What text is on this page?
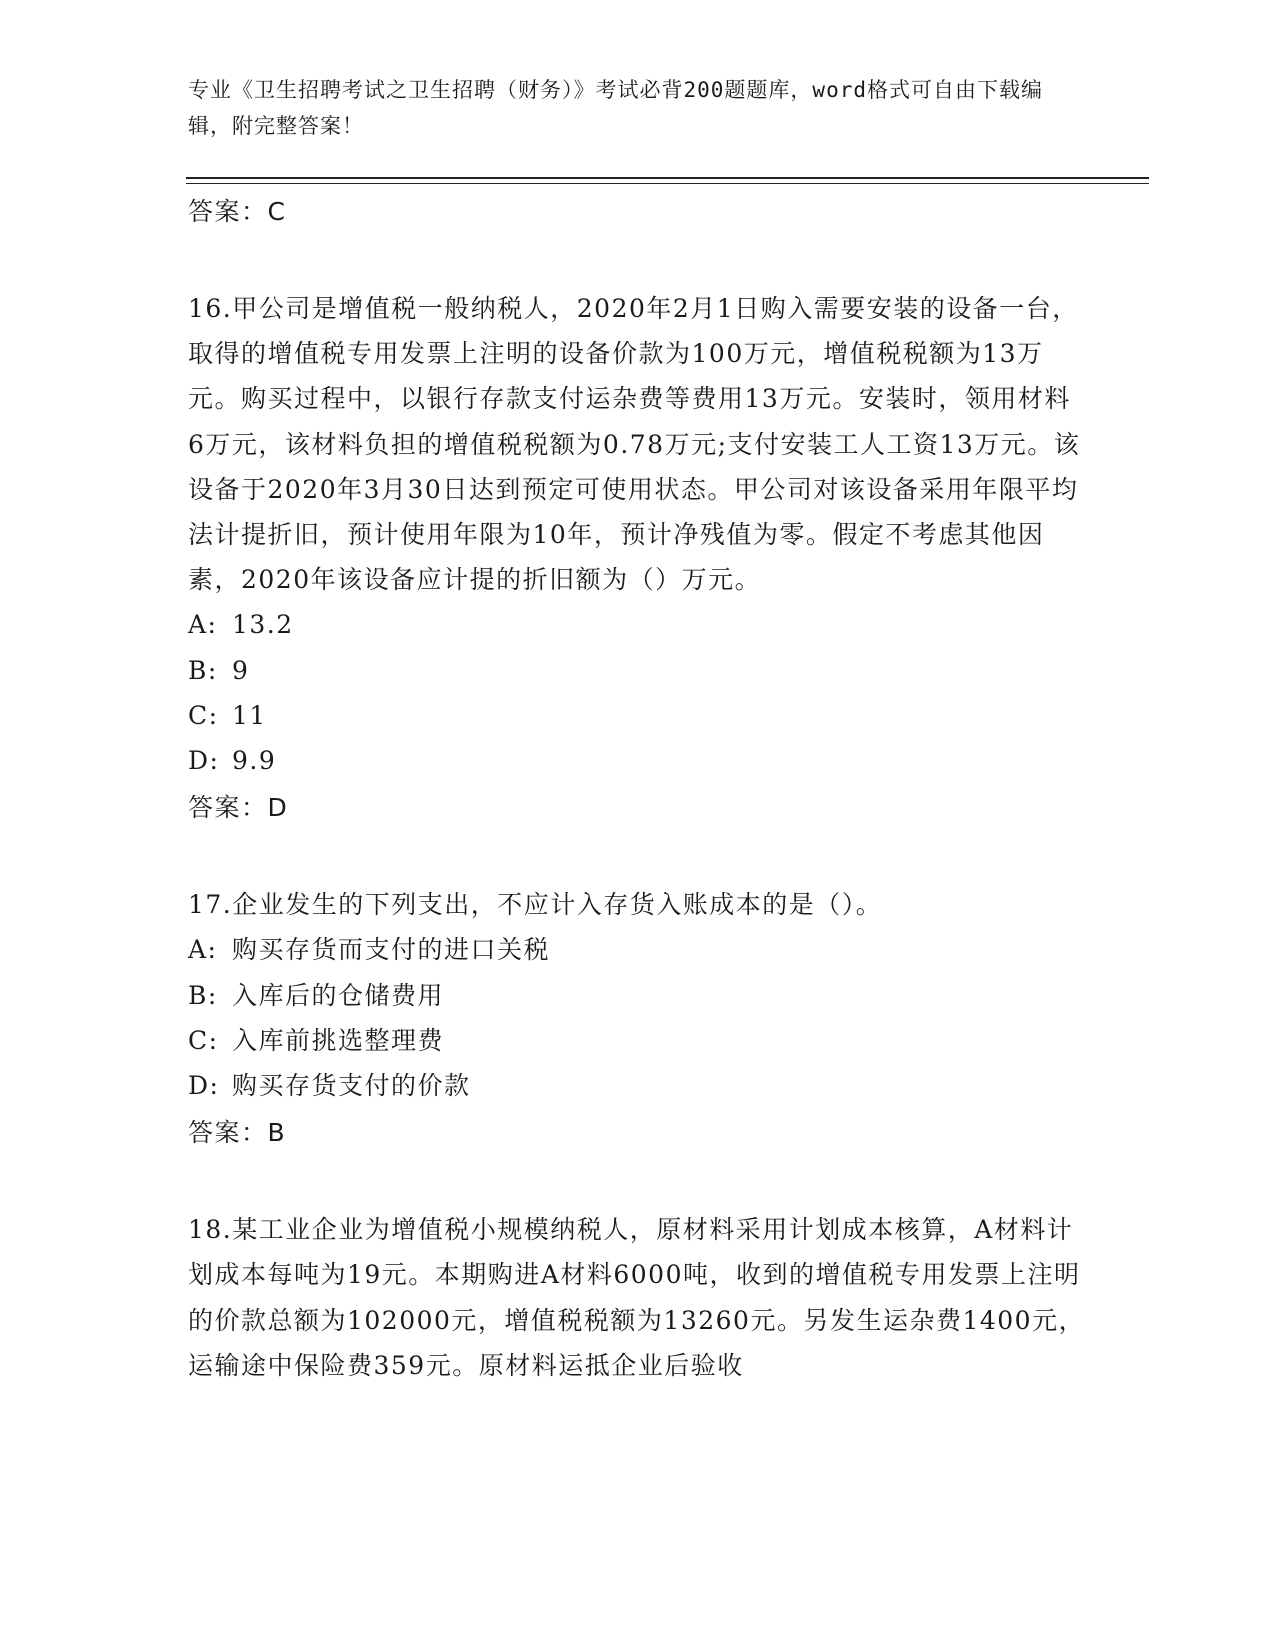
专业《卫生招聘考试之卫生招聘（财务）》考试必背200题题库，word格式可自由下载编辑，附完整答案！
答案：C

16.甲公司是增值税一般纳税人，2020年2月1日购入需要安装的设备一台，取得的增值税专用发票上注明的设备价款为100万元，增值税税额为13万元。购买过程中，以银行存款支付运杂费等费用13万元。安装时，领用材料6万元，该材料负担的增值税税额为0.78万元;支付安装工人工资13万元。该设备于2020年3月30日达到预定可使用状态。甲公司对该设备采用年限平均法计提折旧，预计使用年限为10年，预计净残值为零。假定不考虑其他因素，2020年该设备应计提的折旧额为（）万元。

A: 13.2
B: 9
C: 11
D: 9.9
答案：D

17.企业发生的下列支出，不应计入存货入账成本的是（）。

A: 购买存货而支付的进口关税
B: 入库后的仓储费用
C: 入库前挑选整理费
D: 购买存货支付的价款
答案：B

18.某工业企业为增值税小规模纳税人，原材料采用计划成本核算，A材料计划成本每吨为19元。本期购进A材料6000吨，收到的增值税专用发票上注明的价款总额为102000元，增值税税额为13260元。另发生运杂费1400元，运输途中保险费359元。原材料运抵企业后验收
